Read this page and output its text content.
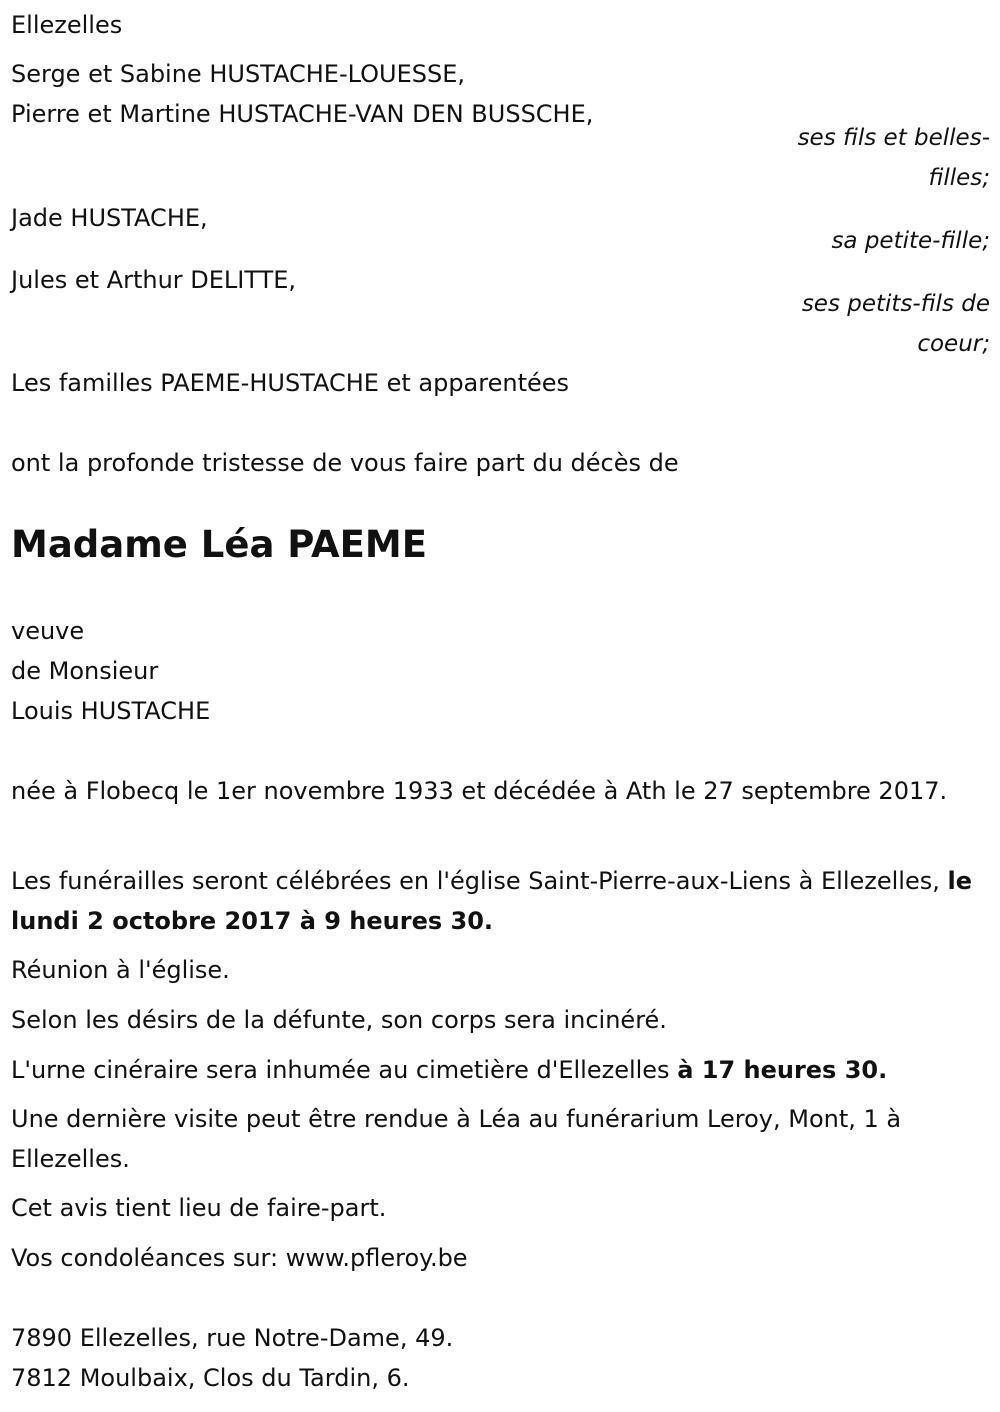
Ellezelles
Serge et Sabine HUSTACHE-LOUESSE,
Pierre et Martine HUSTACHE-VAN DEN BUSSCHE,
ses fils et belles-filles;
Jade HUSTACHE,
sa petite-fille;
Jules et Arthur DELITTE,
ses petits-fils de coeur;
Les familles PAEME-HUSTACHE et apparentées
ont la profonde tristesse de vous faire part du décès de
Madame Léa PAEME
veuve
de Monsieur
Louis HUSTACHE
née à Flobecq le 1er novembre 1933 et décédée à Ath le 27 septembre 2017.
Les funérailles seront célébrées en l'église Saint-Pierre-aux-Liens à Ellezelles, le lundi 2 octobre 2017 à 9 heures 30.
Réunion à l'église.
Selon les désirs de la défunte, son corps sera incinéré.
L'urne cinéraire sera inhumée au cimetière d'Ellezelles à 17 heures 30.
Une dernière visite peut être rendue à Léa au funérarium Leroy, Mont, 1 à Ellezelles.
Cet avis tient lieu de faire-part.
Vos condoléances sur: www.pfleroy.be
7890 Ellezelles, rue Notre-Dame, 49.
7812 Moulbaix, Clos du Tardin, 6.
